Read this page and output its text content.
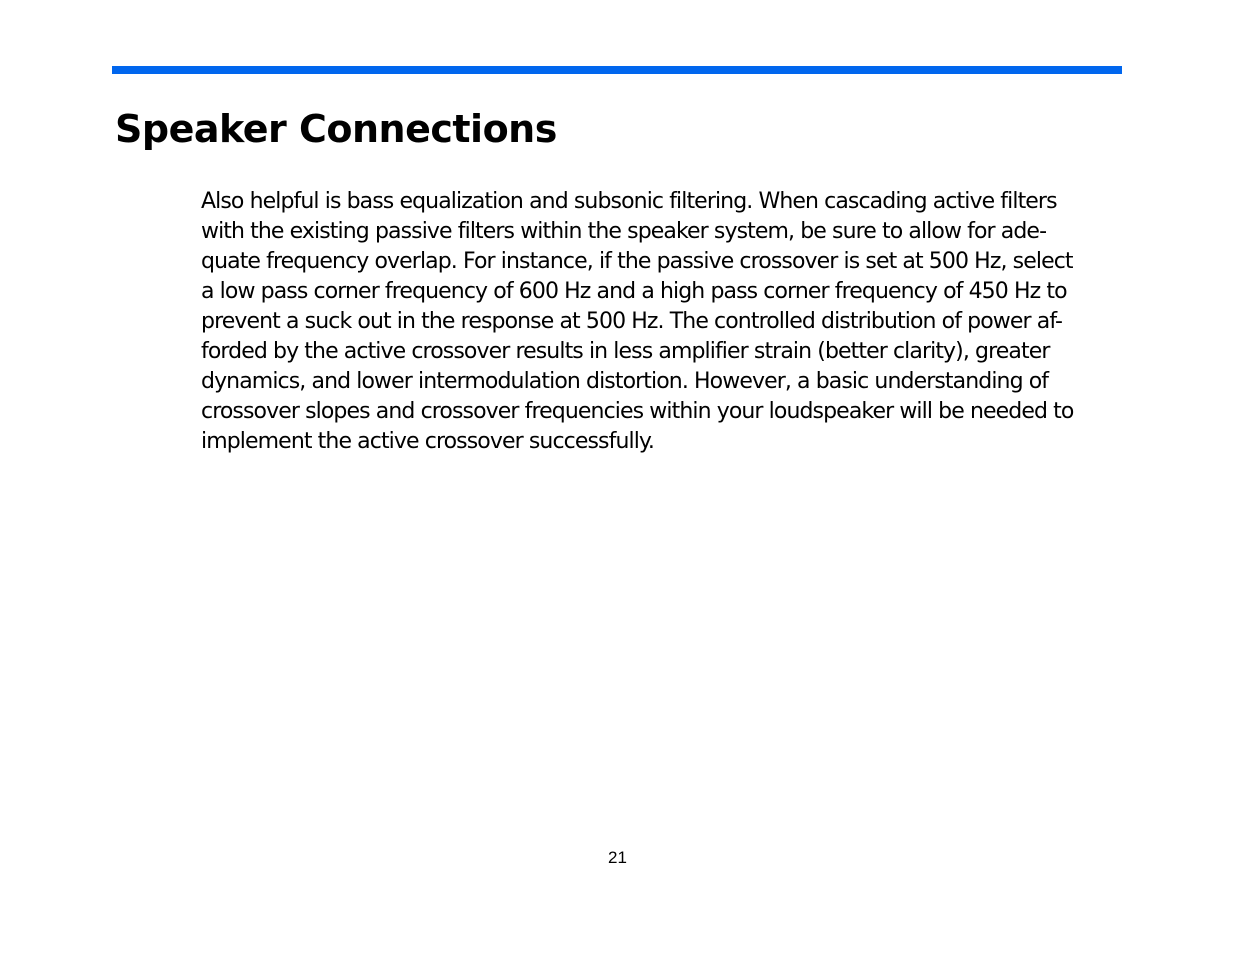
Speaker Connections
Also helpful is bass equalization and subsonic filtering. When cascading active filters
with the existing passive filters within the speaker system, be sure to allow for ade-
quate frequency overlap. For instance, if the passive crossover is set at 500 Hz, select
a low pass corner frequency of 600 Hz and a high pass corner frequency of 450 Hz to
prevent a suck out in the response at 500 Hz. The controlled distribution of power af-
forded by the active crossover results in less amplifier strain (better clarity), greater
dynamics, and lower intermodulation distortion. However, a basic understanding of
crossover slopes and crossover frequencies within your loudspeaker will be needed to
implement the active crossover successfully.
21
